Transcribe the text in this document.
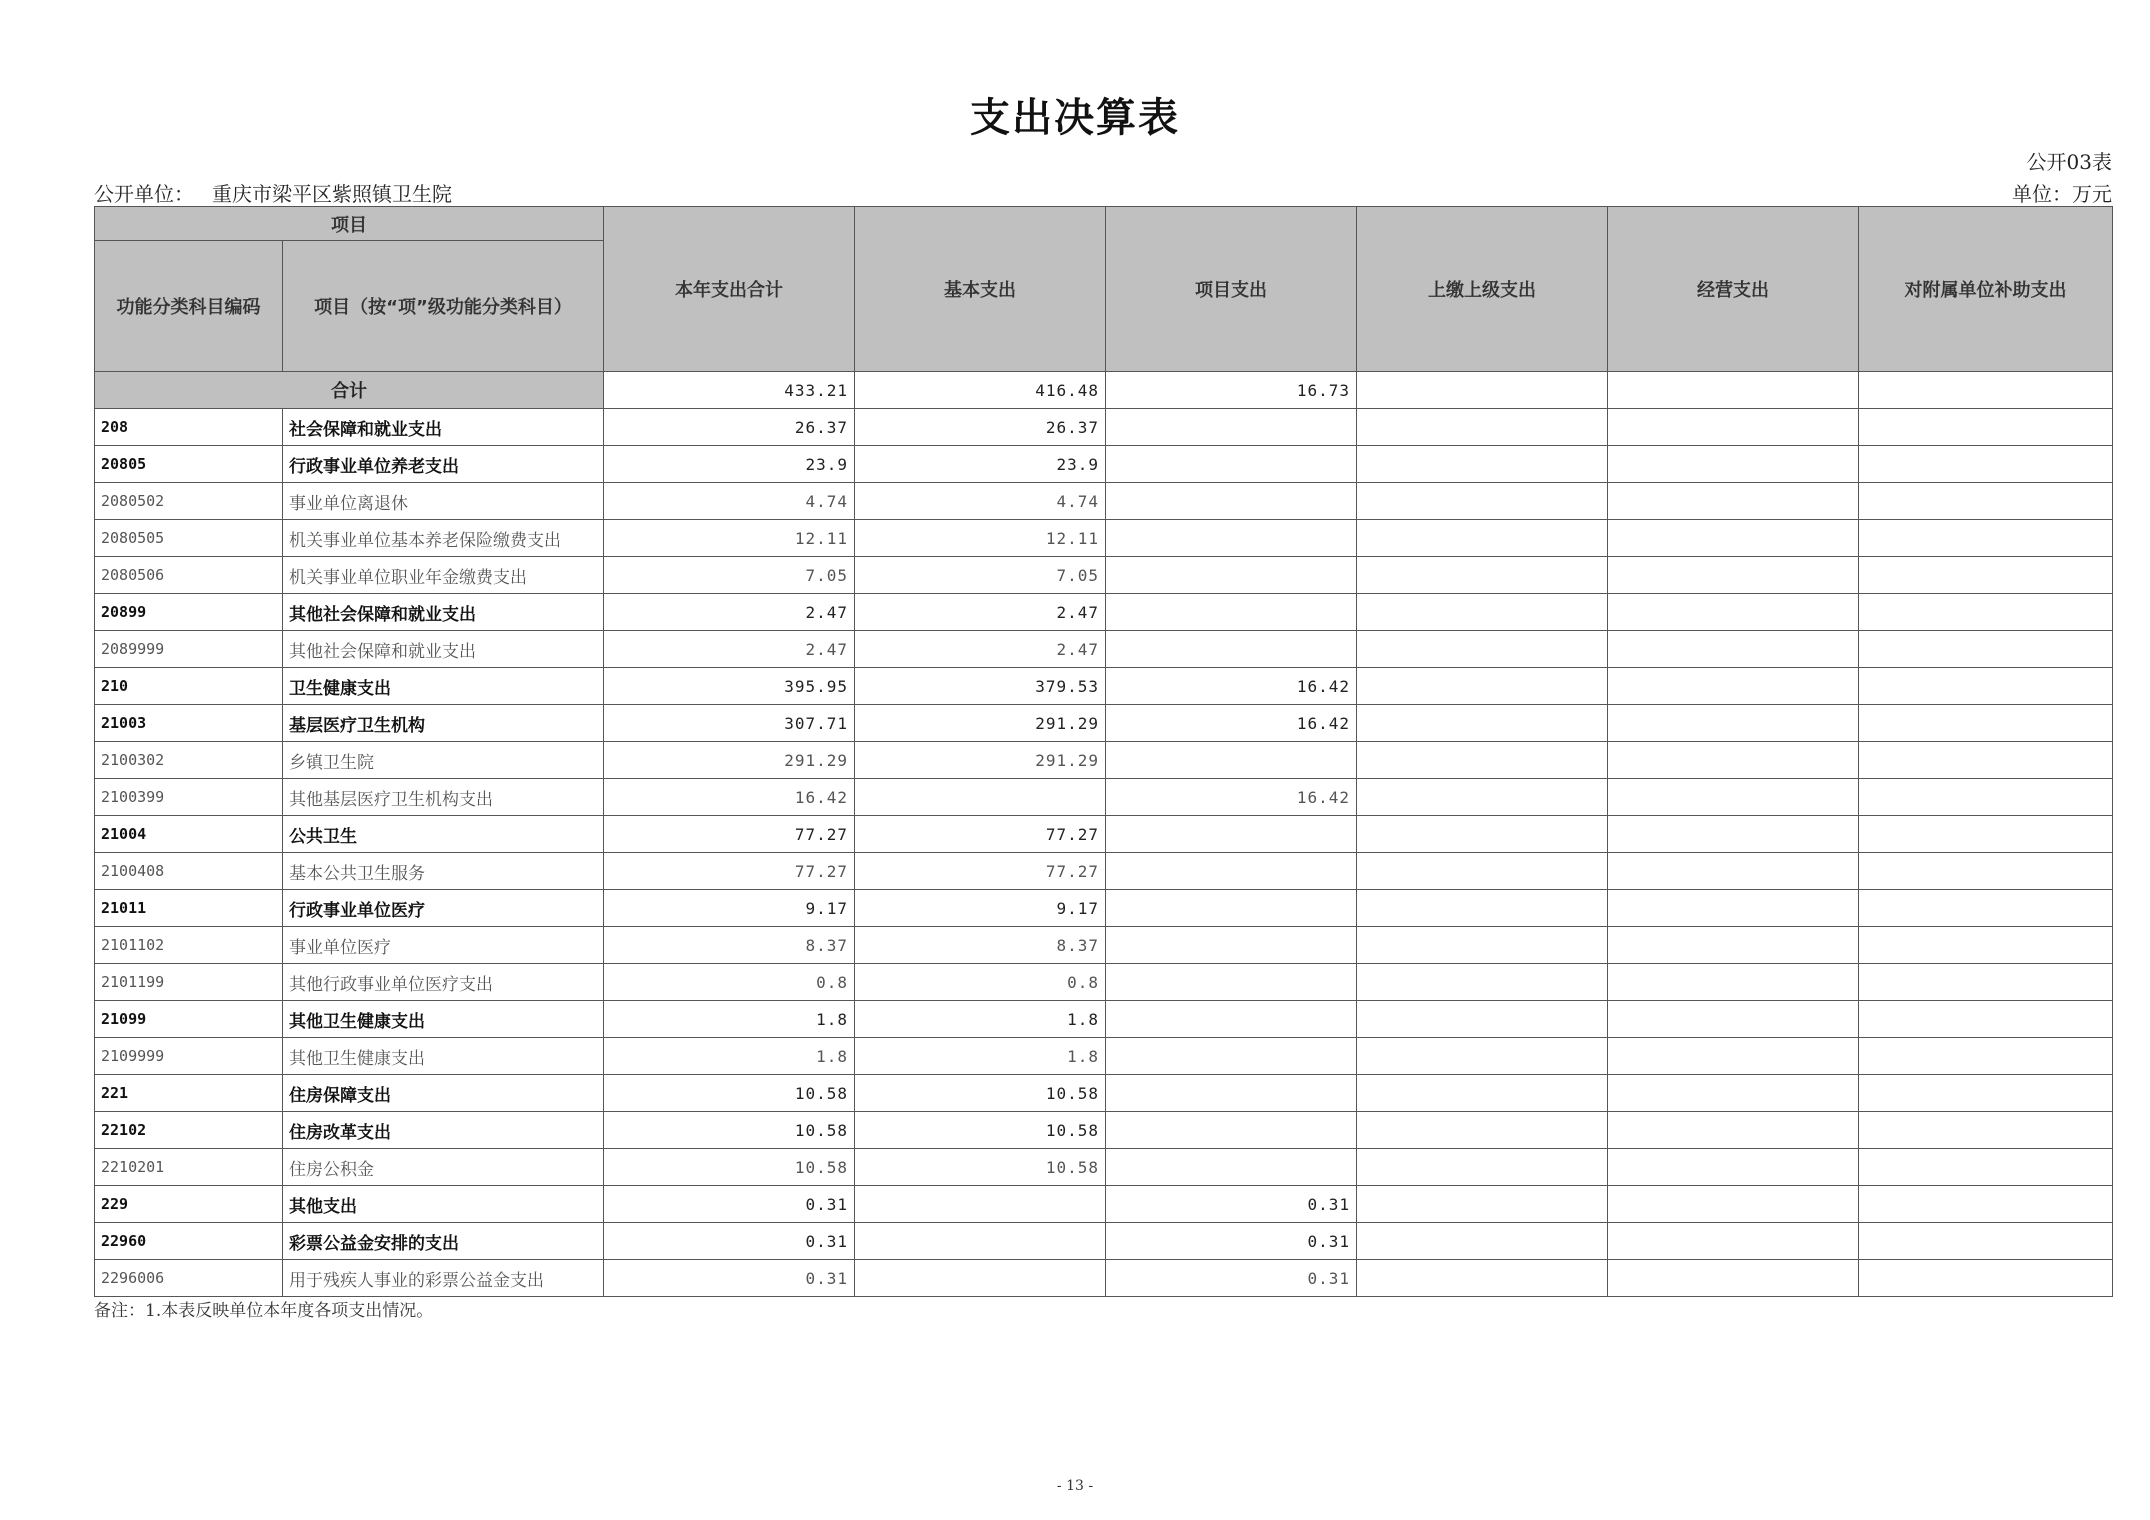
支出决算表
公开03表
公开单位： 重庆市梁平区紫照镇卫生院	单位：万元
项目		本年支出合计	基本支出	项目支出	上缴上级支出	经营支出	对附属单位补助支出
功能分类科目编码	项目（按“项”级功能分类科目）						
合计		433.21	416.48	16.73			
208	社会保障和就业支出	26.37	26.37				
20805	行政事业单位养老支出	23.9	23.9				
2080502	事业单位离退休	4.74	4.74				
2080505	机关事业单位基本养老保险缴费支出	12.11	12.11				
2080506	机关事业单位职业年金缴费支出	7.05	7.05				
20899	其他社会保障和就业支出	2.47	2.47				
2089999	其他社会保障和就业支出	2.47	2.47				
210	卫生健康支出	395.95	379.53	16.42			
21003	基层医疗卫生机构	307.71	291.29	16.42			
2100302	乡镇卫生院	291.29	291.29				
2100399	其他基层医疗卫生机构支出	16.42		16.42			
21004	公共卫生	77.27	77.27				
2100408	基本公共卫生服务	77.27	77.27				
21011	行政事业单位医疗	9.17	9.17				
2101102	事业单位医疗	8.37	8.37				
2101199	其他行政事业单位医疗支出	0.8	0.8				
21099	其他卫生健康支出	1.8	1.8				
2109999	其他卫生健康支出	1.8	1.8				
221	住房保障支出	10.58	10.58				
22102	住房改革支出	10.58	10.58				
2210201	住房公积金	10.58	10.58				
229	其他支出	0.31		0.31			
22960	彩票公益金安排的支出	0.31		0.31			
2296006	用于残疾人事业的彩票公益金支出	0.31		0.31			
备注：1.本表反映单位本年度各项支出情况。
- 13 -
